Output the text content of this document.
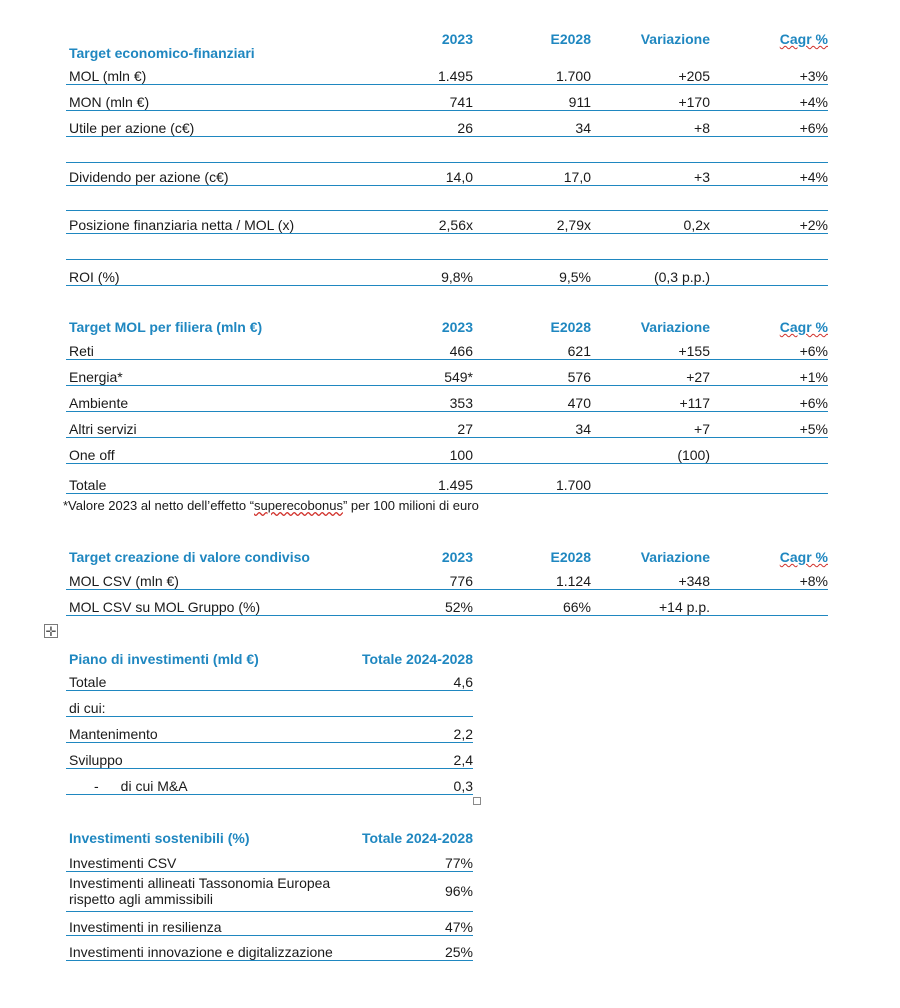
Target economico-finanziari	2023	E2028	Variazione	Cagr %
MOL (mln €)	1.495	1.700	+205	+3%
MON (mln €)	741	911	+170	+4%
Utile per azione (c€)	26	34	+8	+6%

Dividendo per azione (c€)	14,0	17,0	+3	+4%

Posizione finanziaria netta / MOL (x)	2,56x	2,79x	0,2x	+2%

ROI (%)	9,8%	9,5%	(0,3 p.p.)	
Target MOL per filiera (mln €)	2023	E2028	Variazione	Cagr %
Reti	466	621	+155	+6%
Energia*	549*	576	+27	+1%
Ambiente	353	470	+117	+6%
Altri servizi	27	34	+7	+5%
One off	100		(100)	
Totale	1.495	1.700		
*Valore 2023 al netto dell’effetto “superecobonus” per 100 milioni di euro
Target creazione di valore condiviso	2023	E2028	Variazione	Cagr %
MOL CSV (mln €)	776	1.124	+348	+8%
MOL CSV su MOL Gruppo (%)	52%	66%	+14 p.p.	
✛
Piano di investimenti (mld €)	Totale 2024-2028
Totale	4,6
di cui:	
Mantenimento	2,2
Sviluppo	2,4
- di cui M&A	0,3
Investimenti sostenibili (%)	Totale 2024-2028
Investimenti CSV	77%
Investimenti allineati Tassonomia Europea rispetto agli ammissibili	96%
Investimenti in resilienza	47%
Investimenti innovazione e digitalizzazione	25%
